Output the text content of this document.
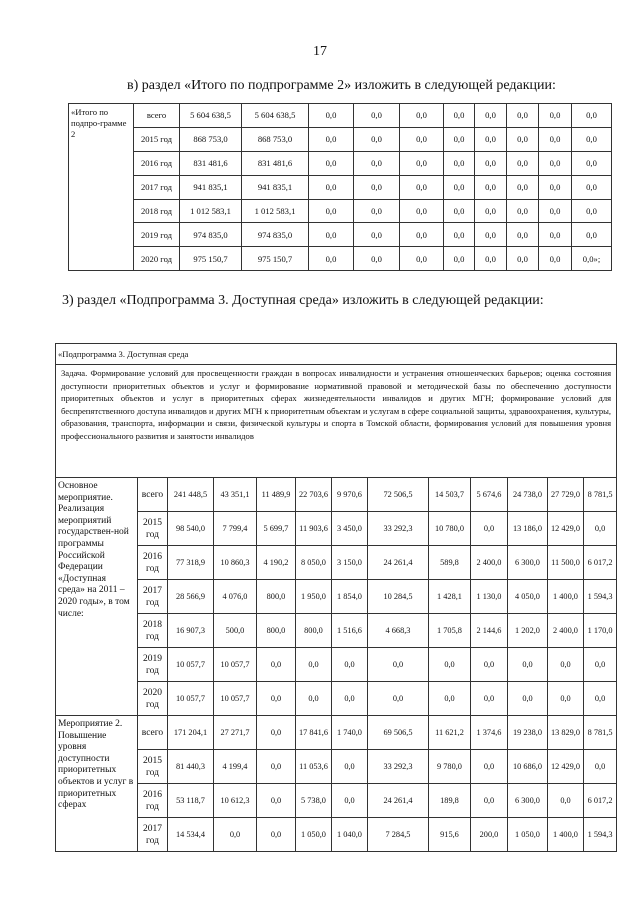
17
в) раздел «Итого по подпрограмме 2» изложить в следующей редакции:
«Итого по подпро-грамме 2	всего	5 604 638,5	5 604 638,5	0,0	0,0	0,0	0,0	0,0	0,0	0,0	0,0
	2015 год	868 753,0	868 753,0	0,0	0,0	0,0	0,0	0,0	0,0	0,0	0,0
	2016 год	831 481,6	831 481,6	0,0	0,0	0,0	0,0	0,0	0,0	0,0	0,0
	2017 год	941 835,1	941 835,1	0,0	0,0	0,0	0,0	0,0	0,0	0,0	0,0
	2018 год	1 012 583,1	1 012 583,1	0,0	0,0	0,0	0,0	0,0	0,0	0,0	0,0
	2019 год	974 835,0	974 835,0	0,0	0,0	0,0	0,0	0,0	0,0	0,0	0,0
	2020 год	975 150,7	975 150,7	0,0	0,0	0,0	0,0	0,0	0,0	0,0	0,0»;
3) раздел «Подпрограмма 3. Доступная среда» изложить в следующей редакции:
«Подпрограмма 3. Доступная среда												
Задача. Формирование условий для просвещенности граждан в вопросах инвалидности и устранения отношенческих барьеров; оценка состояния доступности приоритетных объектов и услуг и формирование нормативной правовой и методической базы по обеспечению доступности приоритетных объектов и услуг в приоритетных сферах жизнедеятельности инвалидов и других МГН; формирование условий для беспрепятственного доступа инвалидов и других МГН к приоритетным объектам и услугам в сфере социальной защиты, здравоохранения, культуры, образования, транспорта, информации и связи, физической культуры и спорта в Томской области, формирования условий для повышения уровня профессионального развития и занятости инвалидов												
Основное мероприятие. Реализация мероприятий государствен-ной программы Российской Федерации «Доступная среда» на 2011 – 2020 годы», в том числе:	всего	241 448,5	43 351,1	11 489,9	22 703,6	9 970,6	72 506,5	14 503,7	5 674,6	24 738,0	27 729,0	8 781,5
	2015 год	98 540,0	7 799,4	5 699,7	11 903,6	3 450,0	33 292,3	10 780,0	0,0	13 186,0	12 429,0	0,0
	2016 год	77 318,9	10 860,3	4 190,2	8 050,0	3 150,0	24 261,4	589,8	2 400,0	6 300,0	11 500,0	6 017,2
	2017 год	28 566,9	4 076,0	800,0	1 950,0	1 854,0	10 284,5	1 428,1	1 130,0	4 050,0	1 400,0	1 594,3
	2018 год	16 907,3	500,0	800,0	800,0	1 516,6	4 668,3	1 705,8	2 144,6	1 202,0	2 400,0	1 170,0
	2019 год	10 057,7	10 057,7	0,0	0,0	0,0	0,0	0,0	0,0	0,0	0,0	0,0
	2020 год	10 057,7	10 057,7	0,0	0,0	0,0	0,0	0,0	0,0	0,0	0,0	0,0
Мероприятие 2. Повышение уровня доступности приоритетных объектов и услуг в приоритетных сферах	всего	171 204,1	27 271,7	0,0	17 841,6	1 740,0	69 506,5	11 621,2	1 374,6	19 238,0	13 829,0	8 781,5
	2015 год	81 440,3	4 199,4	0,0	11 053,6	0,0	33 292,3	9 780,0	0,0	10 686,0	12 429,0	0,0
	2016 год	53 118,7	10 612,3	0,0	5 738,0	0,0	24 261,4	189,8	0,0	6 300,0	0,0	6 017,2
	2017 год	14 534,4	0,0	0,0	1 050,0	1 040,0	7 284,5	915,6	200,0	1 050,0	1 400,0	1 594,3
